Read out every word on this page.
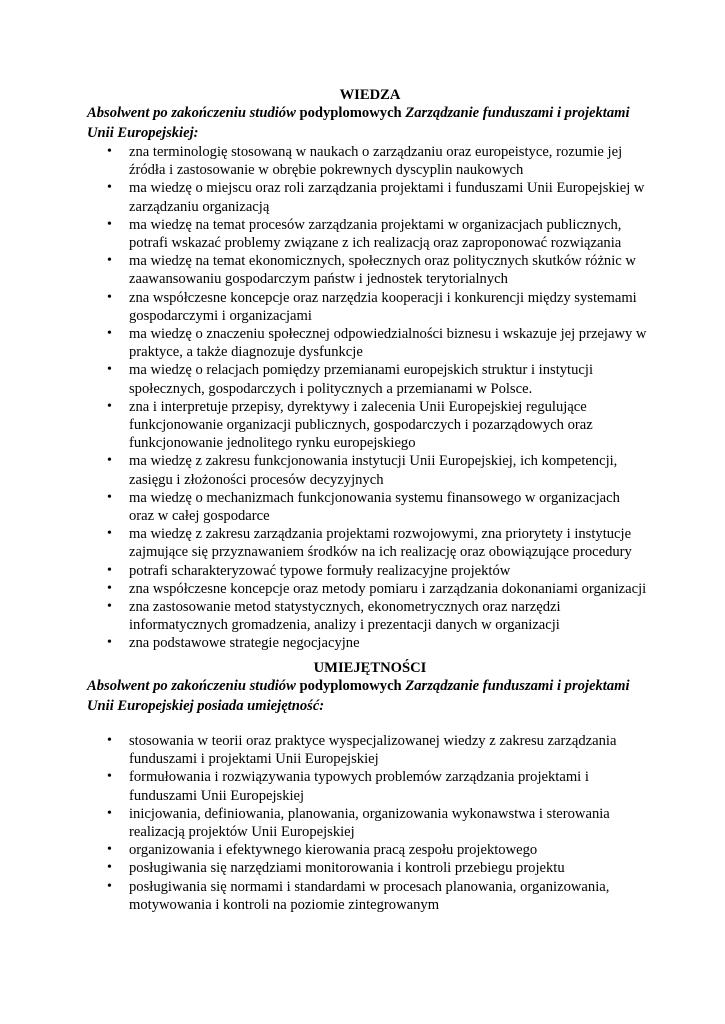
WIEDZA

Absolwent po zakończeniu studiów podyplomowych Zarządzanie funduszami i projektami Unii Europejskiej:

• zna terminologię stosowaną w naukach o zarządzaniu oraz europeistyce, rozumie jej źródła i zastosowanie w obrębie pokrewnych dyscyplin naukowych
• ma wiedzę o miejscu oraz roli zarządzania projektami i funduszami Unii Europejskiej w zarządzaniu organizacją
• ma wiedzę na temat procesów zarządzania projektami w organizacjach publicznych, potrafi wskazać problemy związane z ich realizacją oraz zaproponować rozwiązania
• ma wiedzę na temat ekonomicznych, społecznych oraz politycznych skutków różnic w zaawansowaniu gospodarczym państw i jednostek terytorialnych
• zna współczesne koncepcje oraz narzędzia kooperacji i konkurencji między systemami gospodarczymi i organizacjami
• ma wiedzę o znaczeniu społecznej odpowiedzialności biznesu i wskazuje jej przejawy w praktyce, a także diagnozuje dysfunkcje
• ma wiedzę o relacjach pomiędzy przemianami europejskich struktur i instytucji społecznych, gospodarczych i politycznych a przemianami w Polsce.
• zna i interpretuje przepisy, dyrektywy i zalecenia Unii Europejskiej regulujące funkcjonowanie organizacji publicznych, gospodarczych i pozarządowych oraz funkcjonowanie jednolitego rynku europejskiego
• ma wiedzę z zakresu funkcjonowania instytucji Unii Europejskiej, ich kompetencji, zasięgu i złożoności procesów decyzyjnych
• ma wiedzę o mechanizmach funkcjonowania systemu finansowego w organizacjach oraz w całej gospodarce
• ma wiedzę z zakresu zarządzania projektami rozwojowymi, zna priorytety i instytucje zajmujące się przyznawaniem środków na ich realizację oraz obowiązujące procedury
• potrafi scharakteryzować typowe formuły realizacyjne projektów
• zna współczesne koncepcje oraz metody pomiaru i zarządzania dokonaniami organizacji
• zna zastosowanie metod statystycznych, ekonometrycznych oraz narzędzi informatycznych gromadzenia, analizy i prezentacji danych w organizacji
• zna podstawowe strategie negocjacyjne

UMIEJĘTNOŚCI

Absolwent po zakończeniu studiów podyplomowych Zarządzanie funduszami i projektami Unii Europejskiej posiada umiejętność:

• stosowania w teorii oraz praktyce wyspecjalizowanej wiedzy z zakresu zarządzania funduszami i projektami Unii Europejskiej
• formułowania i rozwiązywania typowych problemów zarządzania projektami i funduszami Unii Europejskiej
• inicjowania, definiowania, planowania, organizowania wykonawstwa i sterowania realizacją projektów Unii Europejskiej
• organizowania i efektywnego kierowania pracą zespołu projektowego
• posługiwania się narzędziami monitorowania i kontroli przebiegu projektu
• posługiwania się normami i standardami w procesach planowania, organizowania, motywowania i kontroli na poziomie zintegrowanym
